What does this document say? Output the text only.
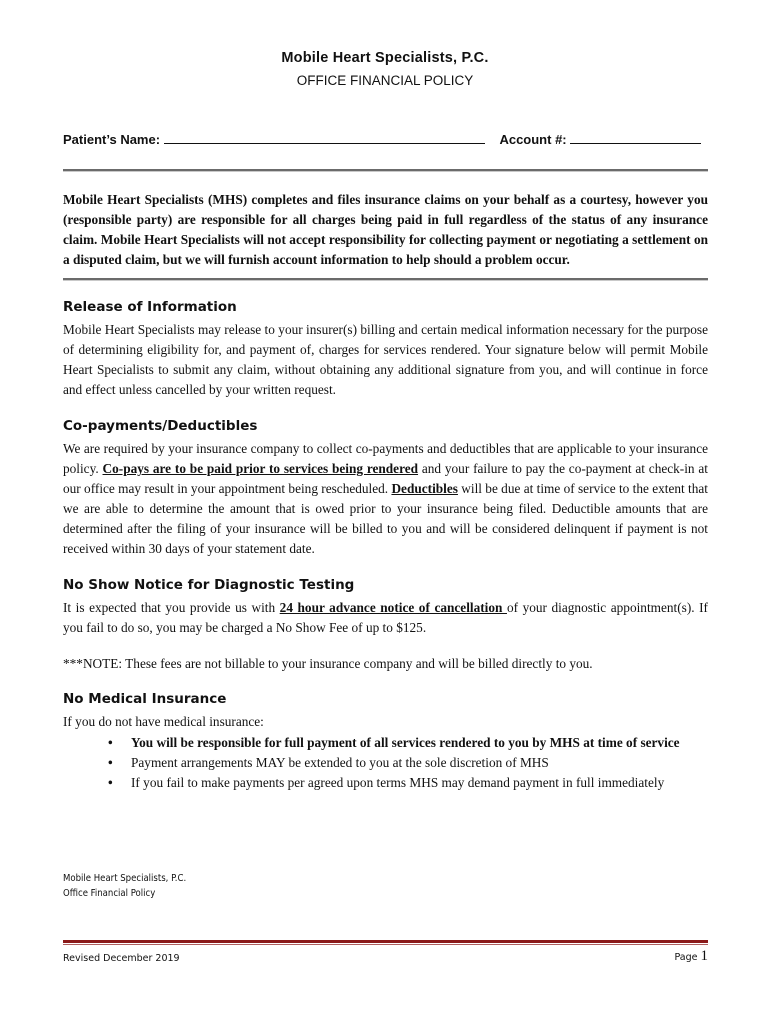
Mobile Heart Specialists, P.C.
OFFICE FINANCIAL POLICY
Patient’s Name:	Account #:
Mobile Heart Specialists (MHS) completes and files insurance claims on your behalf as a courtesy, however you (responsible party) are responsible for all charges being paid in full regardless of the status of any insurance claim. Mobile Heart Specialists will not accept responsibility for collecting payment or negotiating a settlement on a disputed claim, but we will furnish account information to help should a problem occur.
Release of Information
Mobile Heart Specialists may release to your insurer(s) billing and certain medical information necessary for the purpose of determining eligibility for, and payment of, charges for services rendered. Your signature below will permit Mobile Heart Specialists to submit any claim, without obtaining any additional signature from you, and will continue in force and effect unless cancelled by your written request.
Co-payments/Deductibles
We are required by your insurance company to collect co-payments and deductibles that are applicable to your insurance policy. Co-pays are to be paid prior to services being rendered and your failure to pay the co-payment at check-in at our office may result in your appointment being rescheduled. Deductibles will be due at time of service to the extent that we are able to determine the amount that is owed prior to your insurance being filed. Deductible amounts that are determined after the filing of your insurance will be billed to you and will be considered delinquent if payment is not received within 30 days of your statement date.
No Show Notice for Diagnostic Testing
It is expected that you provide us with 24 hour advance notice of cancellation of your diagnostic appointment(s). If you fail to do so, you may be charged a No Show Fee of up to $125.
***NOTE: These fees are not billable to your insurance company and will be billed directly to you.
No Medical Insurance
If you do not have medical insurance:
• You will be responsible for full payment of all services rendered to you by MHS at time of service
• Payment arrangements MAY be extended to you at the sole discretion of MHS
• If you fail to make payments per agreed upon terms MHS may demand payment in full immediately
Mobile Heart Specialists, P.C.
Office Financial Policy
Revised December 2019	Page 1
